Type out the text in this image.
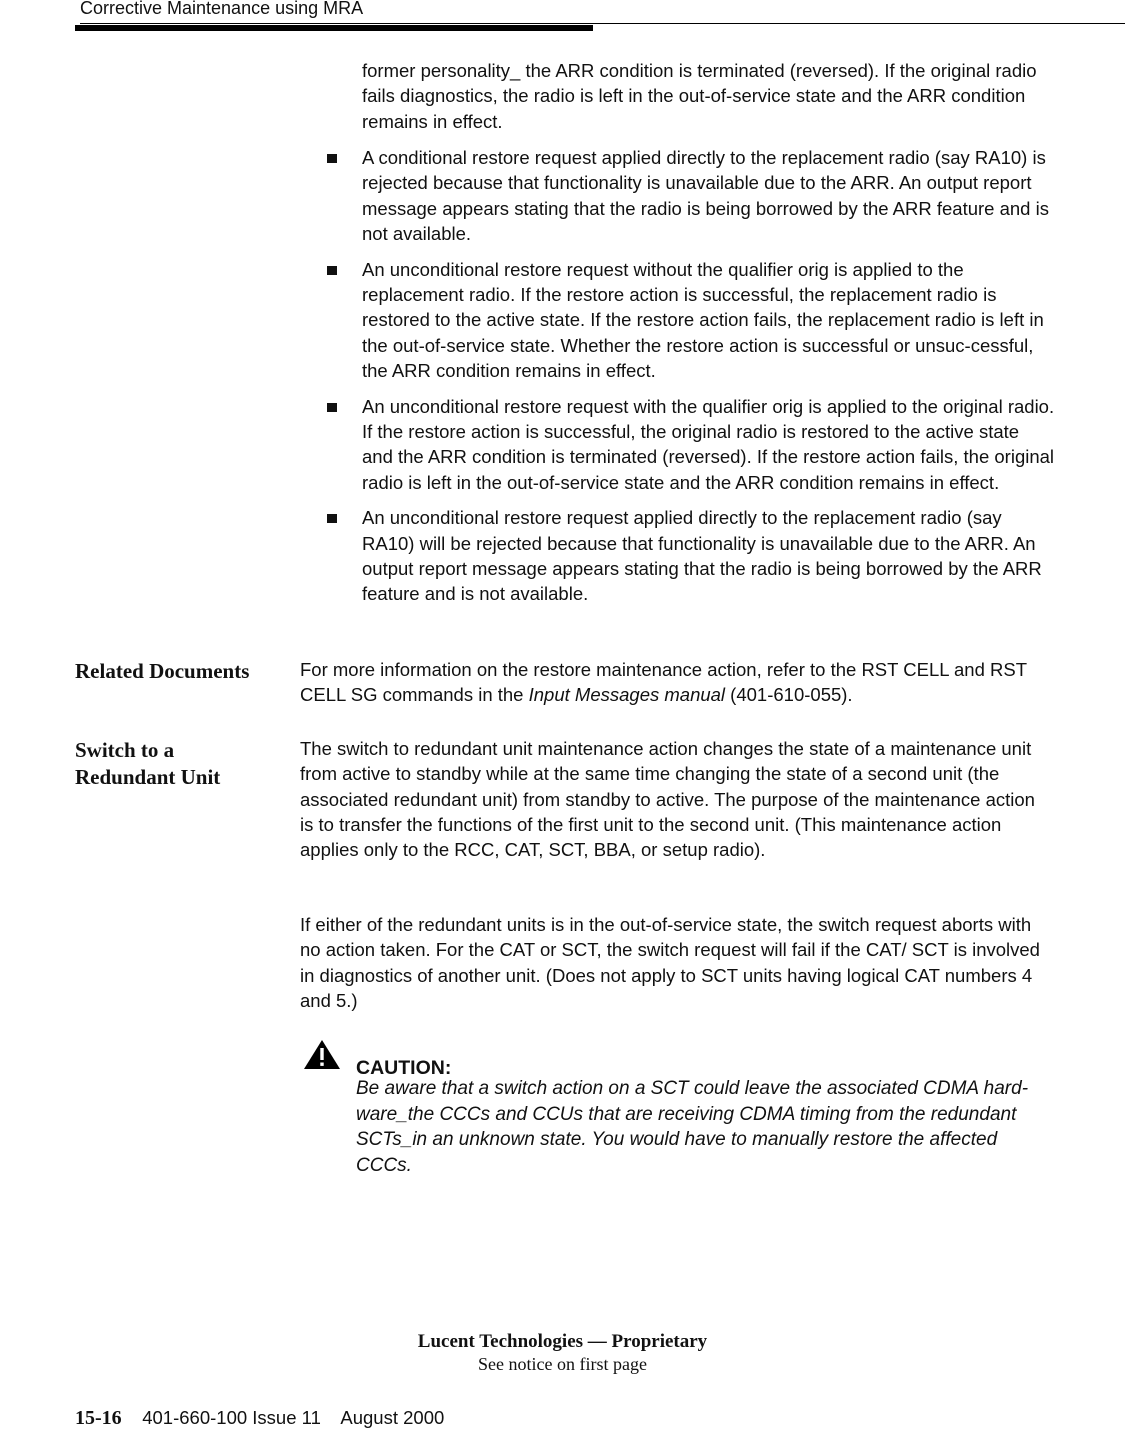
Corrective Maintenance using MRA
former personality_ the ARR condition is terminated (reversed). If the original radio fails diagnostics, the radio is left in the out-of-service state and the ARR condition remains in effect.
A conditional restore request applied directly to the replacement radio (say RA10) is rejected because that functionality is unavailable due to the ARR. An output report message appears stating that the radio is being borrowed by the ARR feature and is not available.
An unconditional restore request without the qualifier orig is applied to the replacement radio. If the restore action is successful, the replacement radio is restored to the active state. If the restore action fails, the replacement radio is left in the out-of-service state. Whether the restore action is successful or unsuc-cessful, the ARR condition remains in effect.
An unconditional restore request with the qualifier orig is applied to the original radio. If the restore action is successful, the original radio is restored to the active state and the ARR condition is terminated (reversed). If the restore action fails, the original radio is left in the out-of-service state and the ARR condition remains in effect.
An unconditional restore request applied directly to the replacement radio (say RA10) will be rejected because that functionality is unavailable due to the ARR. An output report message appears stating that the radio is being borrowed by the ARR feature and is not available.
Related Documents	For more information on the restore maintenance action, refer to the RST CELL and RST CELL SG commands in the Input Messages manual (401-610-055).
Switch to a Redundant Unit
The switch to redundant unit maintenance action changes the state of a maintenance unit from active to standby while at the same time changing the state of a second unit (the associated redundant unit) from standby to active. The purpose of the maintenance action is to transfer the functions of the first unit to the second unit. (This maintenance action applies only to the RCC, CAT, SCT, BBA, or setup radio).
If either of the redundant units is in the out-of-service state, the switch request aborts with no action taken. For the CAT or SCT, the switch request will fail if the CAT/ SCT is involved in diagnostics of another unit. (Does not apply to SCT units having logical CAT numbers 4 and 5.)
CAUTION:
Be aware that a switch action on a SCT could leave the associated CDMA hard-ware_the CCCs and CCUs that are receiving CDMA timing from the redundant SCTs_in an unknown state. You would have to manually restore the affected CCCs.
Lucent Technologies — Proprietary
See notice on first page
15-16    401-660-100 Issue 11    August 2000
